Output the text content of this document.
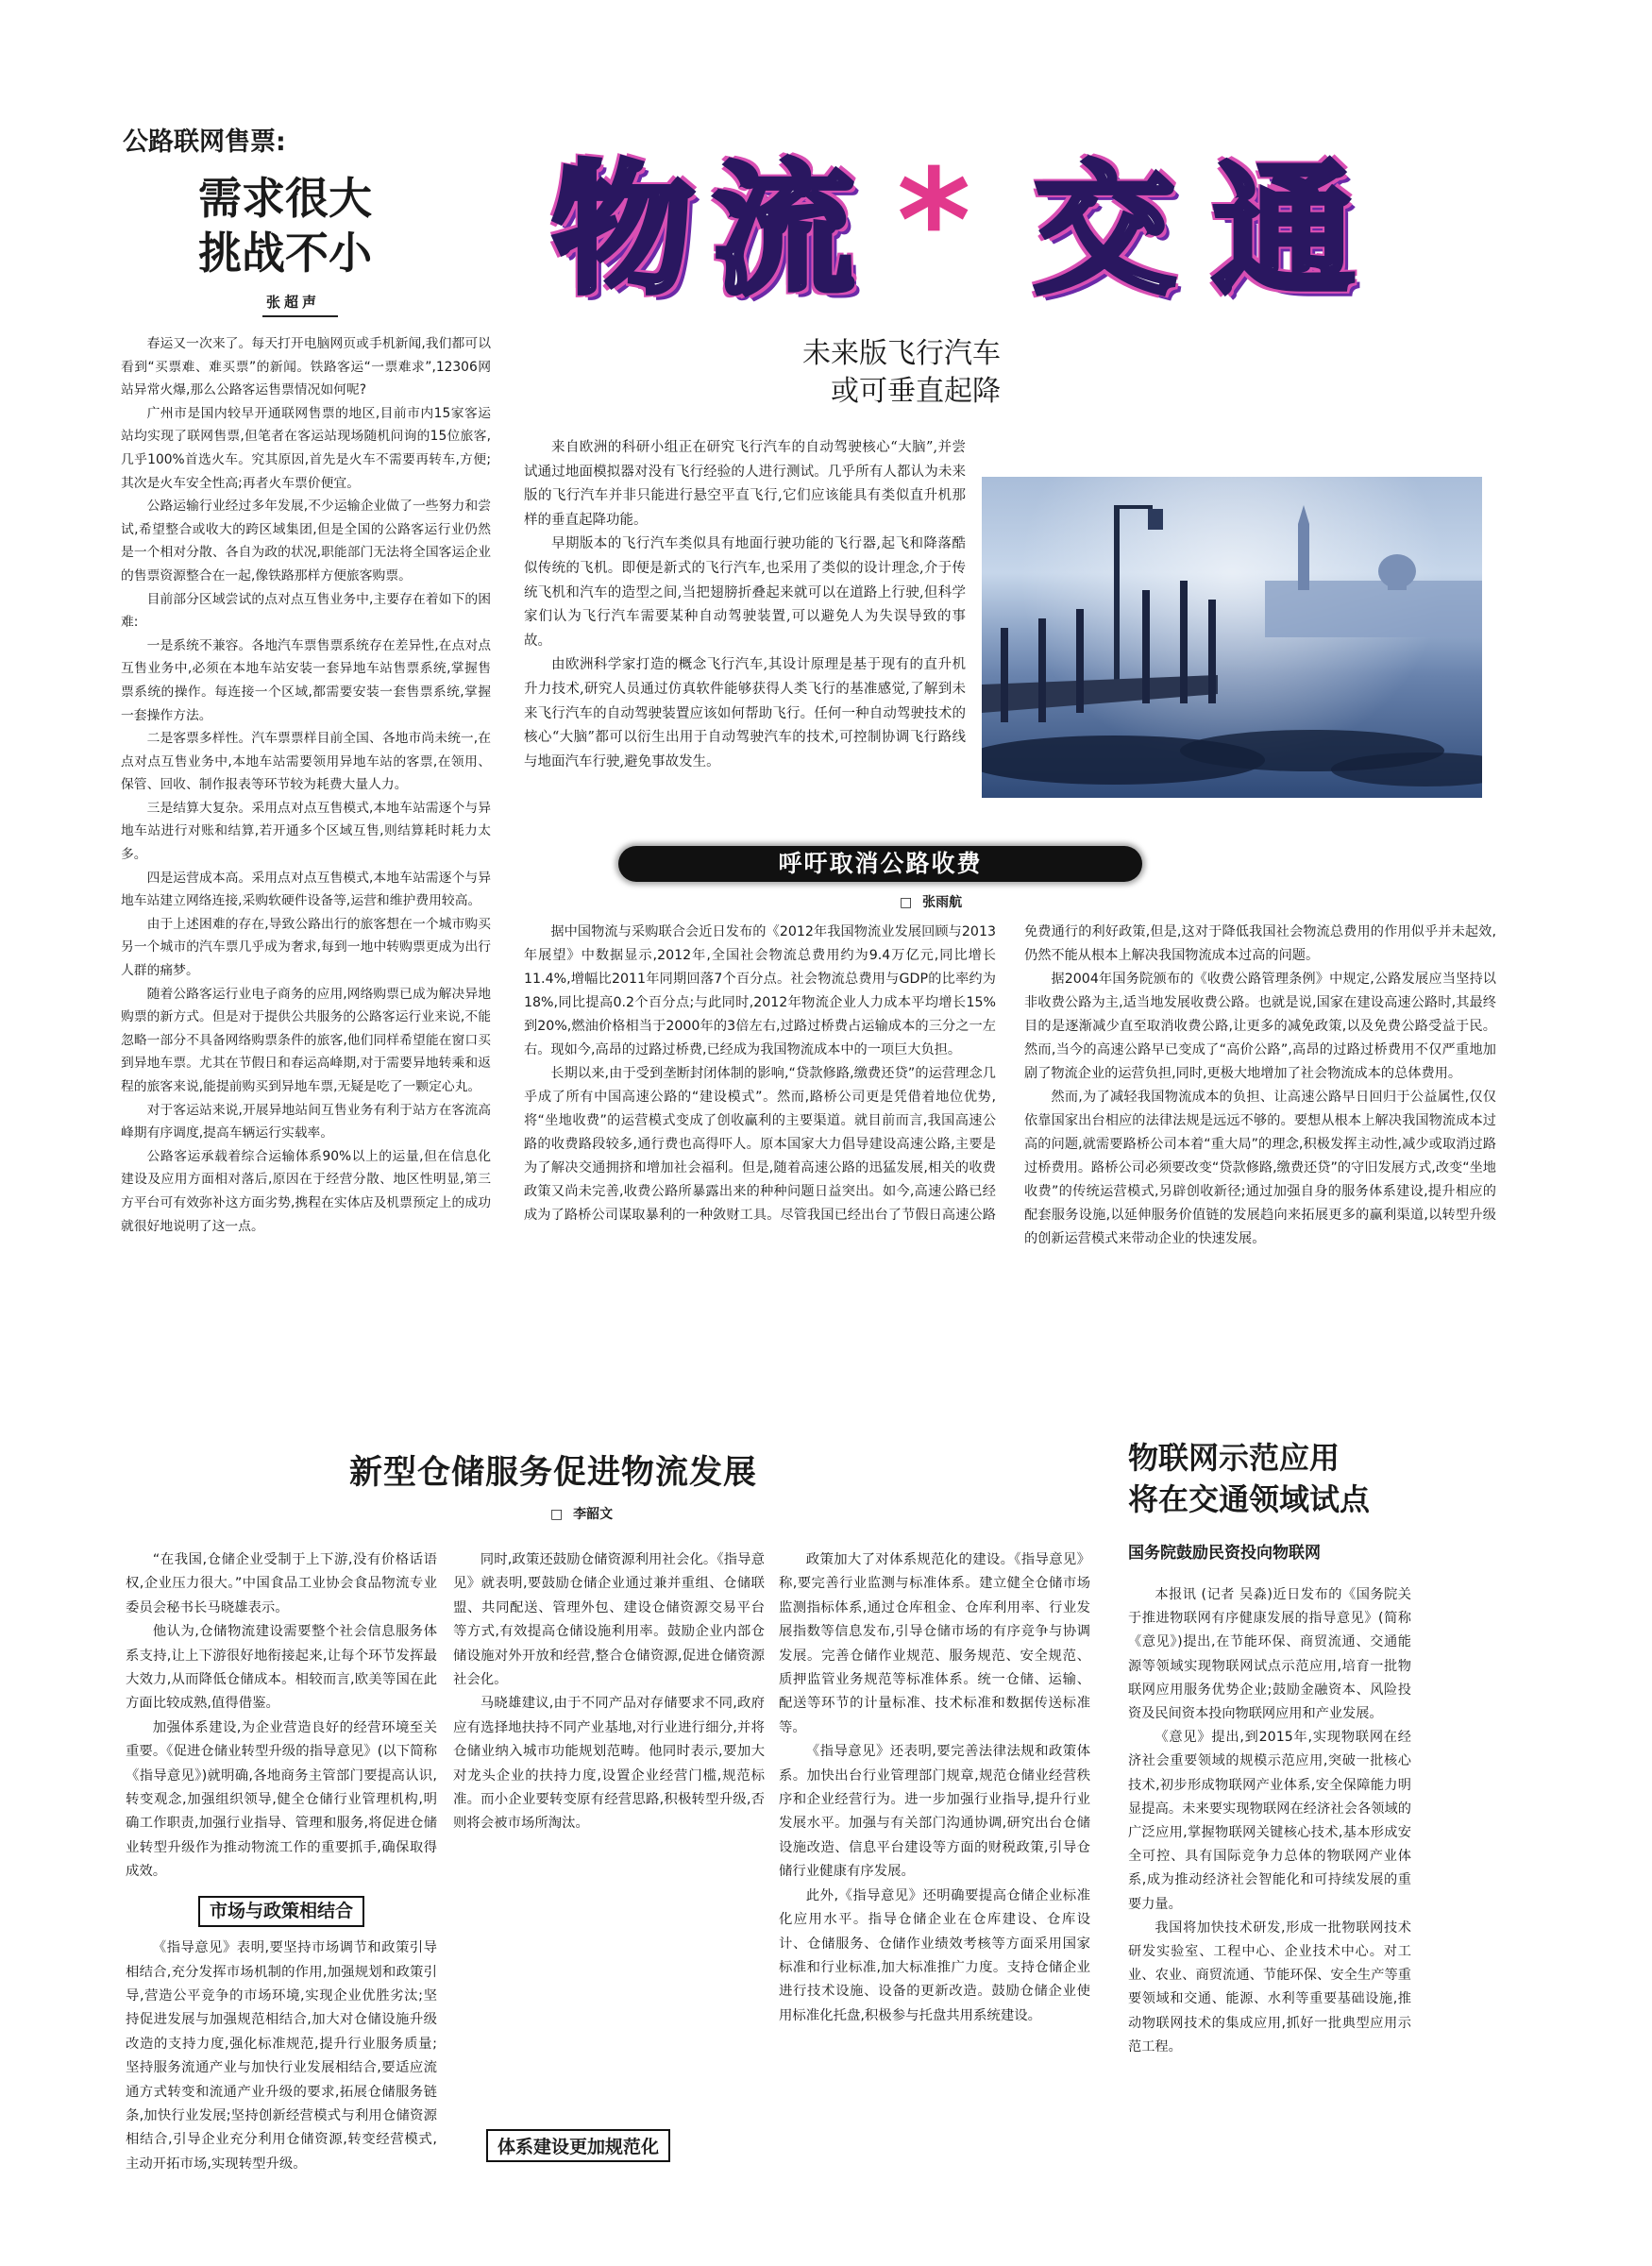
物 流 * 交 通
公路联网售票:
需求很大
挑战不小
张超声

春运又一次来了。每天打开电脑网页或手机新闻,我们都可以看到“买票难、难买票”的新闻。铁路客运“一票难求”,12306网站异常火爆,那么公路客运售票情况如何呢?

广州市是国内较早开通联网售票的地区,目前市内15家客运站均实现了联网售票,但笔者在客运站现场随机问询的15位旅客,几乎100%首选火车。究其原因,首先是火车不需要再转车,方便;其次是火车安全性高;再者火车票价便宜。

公路运输行业经过多年发展,不少运输企业做了一些努力和尝试,希望整合或收大的跨区域集团,但是全国的公路客运行业仍然是一个相对分散、各自为政的状况,职能部门无法将全国客运企业的售票资源整合在一起,像铁路那样方便旅客购票。

目前部分区域尝试的点对点互售业务中,主要存在着如下的困难:

一是系统不兼容。各地汽车票售票系统存在差异性,在点对点互售业务中,必须在本地车站安装一套异地车站售票系统,掌握售票系统的操作。每连接一个区域,都需要安装一套售票系统,掌握一套操作方法。

二是客票多样性。汽车票票样目前全国、各地市尚未统一,在点对点互售业务中,本地车站需要领用异地车站的客票,在领用、保管、回收、制作报表等环节较为耗费大量人力。

三是结算大复杂。采用点对点互售模式,本地车站需逐个与异地车站进行对账和结算,若开通多个区域互售,则结算耗时耗力太多。

四是运营成本高。采用点对点互售模式,本地车站需逐个与异地车站建立网络连接,采购软硬件设备等,运营和维护费用较高。

由于上述困难的存在,导致公路出行的旅客想在一个城市购买另一个城市的汽车票几乎成为奢求,每到一地中转购票更成为出行人群的痛梦。

随着公路客运行业电子商务的应用,网络购票已成为解决异地购票的新方式。但是对于提供公共服务的公路客运行业来说,不能忽略一部分不具备网络购票条件的旅客,他们同样希望能在窗口买到异地车票。尤其在节假日和春运高峰期,对于需要异地转乘和返程的旅客来说,能提前购买到异地车票,无疑是吃了一颗定心丸。

对于客运站来说,开展异地站间互售业务有利于站方在客流高峰期有序调度,提高车辆运行实载率。

公路客运承载着综合运输体系90%以上的运量,但在信息化建设及应用方面相对落后,原因在于经营分散、地区性明显,第三方平台可有效弥补这方面劣势,携程在实体店及机票预定上的成功就很好地说明了这一点。

未来版飞行汽车
或可垂直起降

来自欧洲的科研小组正在研究飞行汽车的自动驾驶核心“大脑”,并尝试通过地面模拟器对没有飞行经验的人进行测试。几乎所有人都认为未来版的飞行汽车并非只能进行悬空平直飞行,它们应该能具有类似直升机那样的垂直起降功能。

早期版本的飞行汽车类似具有地面行驶功能的飞行器,起飞和降落酷似传统的飞机。即便是新式的飞行汽车,也采用了类似的设计理念,介于传统飞机和汽车的造型之间,当把翅膀折叠起来就可以在道路上行驶,但科学家们认为飞行汽车需要某种自动驾驶装置,可以避免人为失误导致的事故。

由欧洲科学家打造的概念飞行汽车,其设计原理是基于现有的直升机升力技术,研究人员通过仿真软件能够获得人类飞行的基准感觉,了解到未来飞行汽车的自动驾驶装置应该如何帮助飞行。任何一种自动驾驶技术的核心“大脑”都可以衍生出用于自动驾驶汽车的技术,可控制协调飞行路线与地面汽车行驶,避免事故发生。

呼吁取消公路收费
□ 张雨航

据中国物流与采购联合会近日发布的《2012年我国物流业发展回顾与2013年展望》中数据显示,2012年,全国社会物流总费用约为9.4万亿元,同比增长11.4%,增幅比2011年同期回落7个百分点。社会物流总费用与GDP的比率约为18%,同比提高0.2个百分点;与此同时,2012年物流企业人力成本平均增长15%到20%,燃油价格相当于2000年的3倍左右,过路过桥费占运输成本的三分之一左右。现如今,高昂的过路过桥费,已经成为我国物流成本中的一项巨大负担。

长期以来,由于受到垄断封闭体制的影响,“贷款修路,缴费还贷”的运营理念几乎成了所有中国高速公路的“建设模式”。然而,路桥公司更是凭借着地位优势,将“坐地收费”的运营模式变成了创收赢利的主要渠道。就目前而言,我国高速公路的收费路段较多,通行费也高得吓人。原本国家大力倡导建设高速公路,主要是为了解决交通拥挤和增加社会福利。但是,随着高速公路的迅猛发展,相关的收费政策又尚未完善,收费公路所暴露出来的种种问题日益突出。如今,高速公路已经成为了路桥公司谋取暴利的一种敛财工具。尽管我国已经出台了节假日高速公路免费通行的利好政策,但是,这对于降低我国社会物流总费用的作用似乎并未起效,仍然不能从根本上解决我国物流成本过高的问题。

据2004年国务院颁布的《收费公路管理条例》中规定,公路发展应当坚持以非收费公路为主,适当地发展收费公路。也就是说,国家在建设高速公路时,其最终目的是逐渐减少直至取消收费公路,让更多的减免政策,以及免费公路受益于民。然而,当今的高速公路早已变成了“高价公路”,高昂的过路过桥费用不仅严重地加剧了物流企业的运营负担,同时,更极大地增加了社会物流成本的总体费用。

然而,为了减轻我国物流成本的负担、让高速公路早日回归于公益属性,仅仅依靠国家出台相应的法律法规是远远不够的。要想从根本上解决我国物流成本过高的问题,就需要路桥公司本着“重大局”的理念,积极发挥主动性,减少或取消过路过桥费用。路桥公司必须要改变“贷款修路,缴费还贷”的守旧发展方式,改变“坐地收费”的传统运营模式,另辟创收新径;通过加强自身的服务体系建设,提升相应的配套服务设施,以延伸服务价值链的发展趋向来拓展更多的赢利渠道,以转型升级的创新运营模式来带动企业的快速发展。

新型仓储服务促进物流发展
□ 李韶文

“在我国,仓储企业受制于上下游,没有价格话语权,企业压力很大。”中国食品工业协会食品物流专业委员会秘书长马晓雄表示。

他认为,仓储物流建设需要整个社会信息服务体系支持,让上下游很好地衔接起来,让每个环节发挥最大效力,从而降低仓储成本。相较而言,欧美等国在此方面比较成熟,值得借鉴。

加强体系建设,为企业营造良好的经营环境至关重要。《促进仓储业转型升级的指导意见》(以下简称《指导意见》)就明确,各地商务主管部门要提高认识,转变观念,加强组织领导,健全仓储行业管理机构,明确工作职责,加强行业指导、管理和服务,将促进仓储业转型升级作为推动物流工作的重要抓手,确保取得成效。

市场与政策相结合

《指导意见》表明,要坚持市场调节和政策引导相结合,充分发挥市场机制的作用,加强规划和政策引导,营造公平竞争的市场环境,实现企业优胜劣汰;坚持促进发展与加强规范相结合,加大对仓储设施升级改造的支持力度,强化标准规范,提升行业服务质量;坚持服务流通产业与加快行业发展相结合,要适应流通方式转变和流通产业升级的要求,拓展仓储服务链条,加快行业发展;坚持创新经营模式与利用仓储资源相结合,引导企业充分利用仓储资源,转变经营模式,主动开拓市场,实现转型升级。

同时,政策还鼓励仓储资源利用社会化。《指导意见》就表明,要鼓励仓储企业通过兼并重组、仓储联盟、共同配送、管理外包、建设仓储资源交易平台等方式,有效提高仓储设施利用率。鼓励企业内部仓储设施对外开放和经营,整合仓储资源,促进仓储资源社会化。

马晓雄建议,由于不同产品对存储要求不同,政府应有选择地扶持不同产业基地,对行业进行细分,并将仓储业纳入城市功能规划范畴。他同时表示,要加大对龙头企业的扶持力度,设置企业经营门槛,规范标准。而小企业要转变原有经营思路,积极转型升级,否则将会被市场所淘汰。

体系建设更加规范化

政策加大了对体系规范化的建设。《指导意见》称,要完善行业监测与标准体系。建立健全仓储市场监测指标体系,通过仓库租金、仓库利用率、行业发展指数等信息发布,引导仓储市场的有序竞争与协调发展。完善仓储作业规范、服务规范、安全规范、质押监管业务规范等标准体系。统一仓储、运输、配送等环节的计量标准、技术标准和数据传送标准等。

《指导意见》还表明,要完善法律法规和政策体系。加快出台行业管理部门规章,规范仓储业经营秩序和企业经营行为。进一步加强行业指导,提升行业发展水平。加强与有关部门沟通协调,研究出台仓储设施改造、信息平台建设等方面的财税政策,引导仓储行业健康有序发展。

此外,《指导意见》还明确要提高仓储企业标准化应用水平。指导仓储企业在仓库建设、仓库设计、仓储服务、仓储作业绩效考核等方面采用国家标准和行业标准,加大标准推广力度。支持仓储企业进行技术设施、设备的更新改造。鼓励仓储企业使用标准化托盘,积极参与托盘共用系统建设。

物联网示范应用
将在交通领域试点
国务院鼓励民资投向物联网

本报讯 (记者 吴淼)近日发布的《国务院关于推进物联网有序健康发展的指导意见》(简称《意见》)提出,在节能环保、商贸流通、交通能源等领域实现物联网试点示范应用,培育一批物联网应用服务优势企业;鼓励金融资本、风险投资及民间资本投向物联网应用和产业发展。

《意见》提出,到2015年,实现物联网在经济社会重要领域的规模示范应用,突破一批核心技术,初步形成物联网产业体系,安全保障能力明显提高。未来要实现物联网在经济社会各领域的广泛应用,掌握物联网关键核心技术,基本形成安全可控、具有国际竞争力总体的物联网产业体系,成为推动经济社会智能化和可持续发展的重要力量。

我国将加快技术研发,形成一批物联网技术研发实验室、工程中心、企业技术中心。对工业、农业、商贸流通、节能环保、安全生产等重要领域和交通、能源、水利等重要基础设施,推动物联网技术的集成应用,抓好一批典型应用示范工程。
